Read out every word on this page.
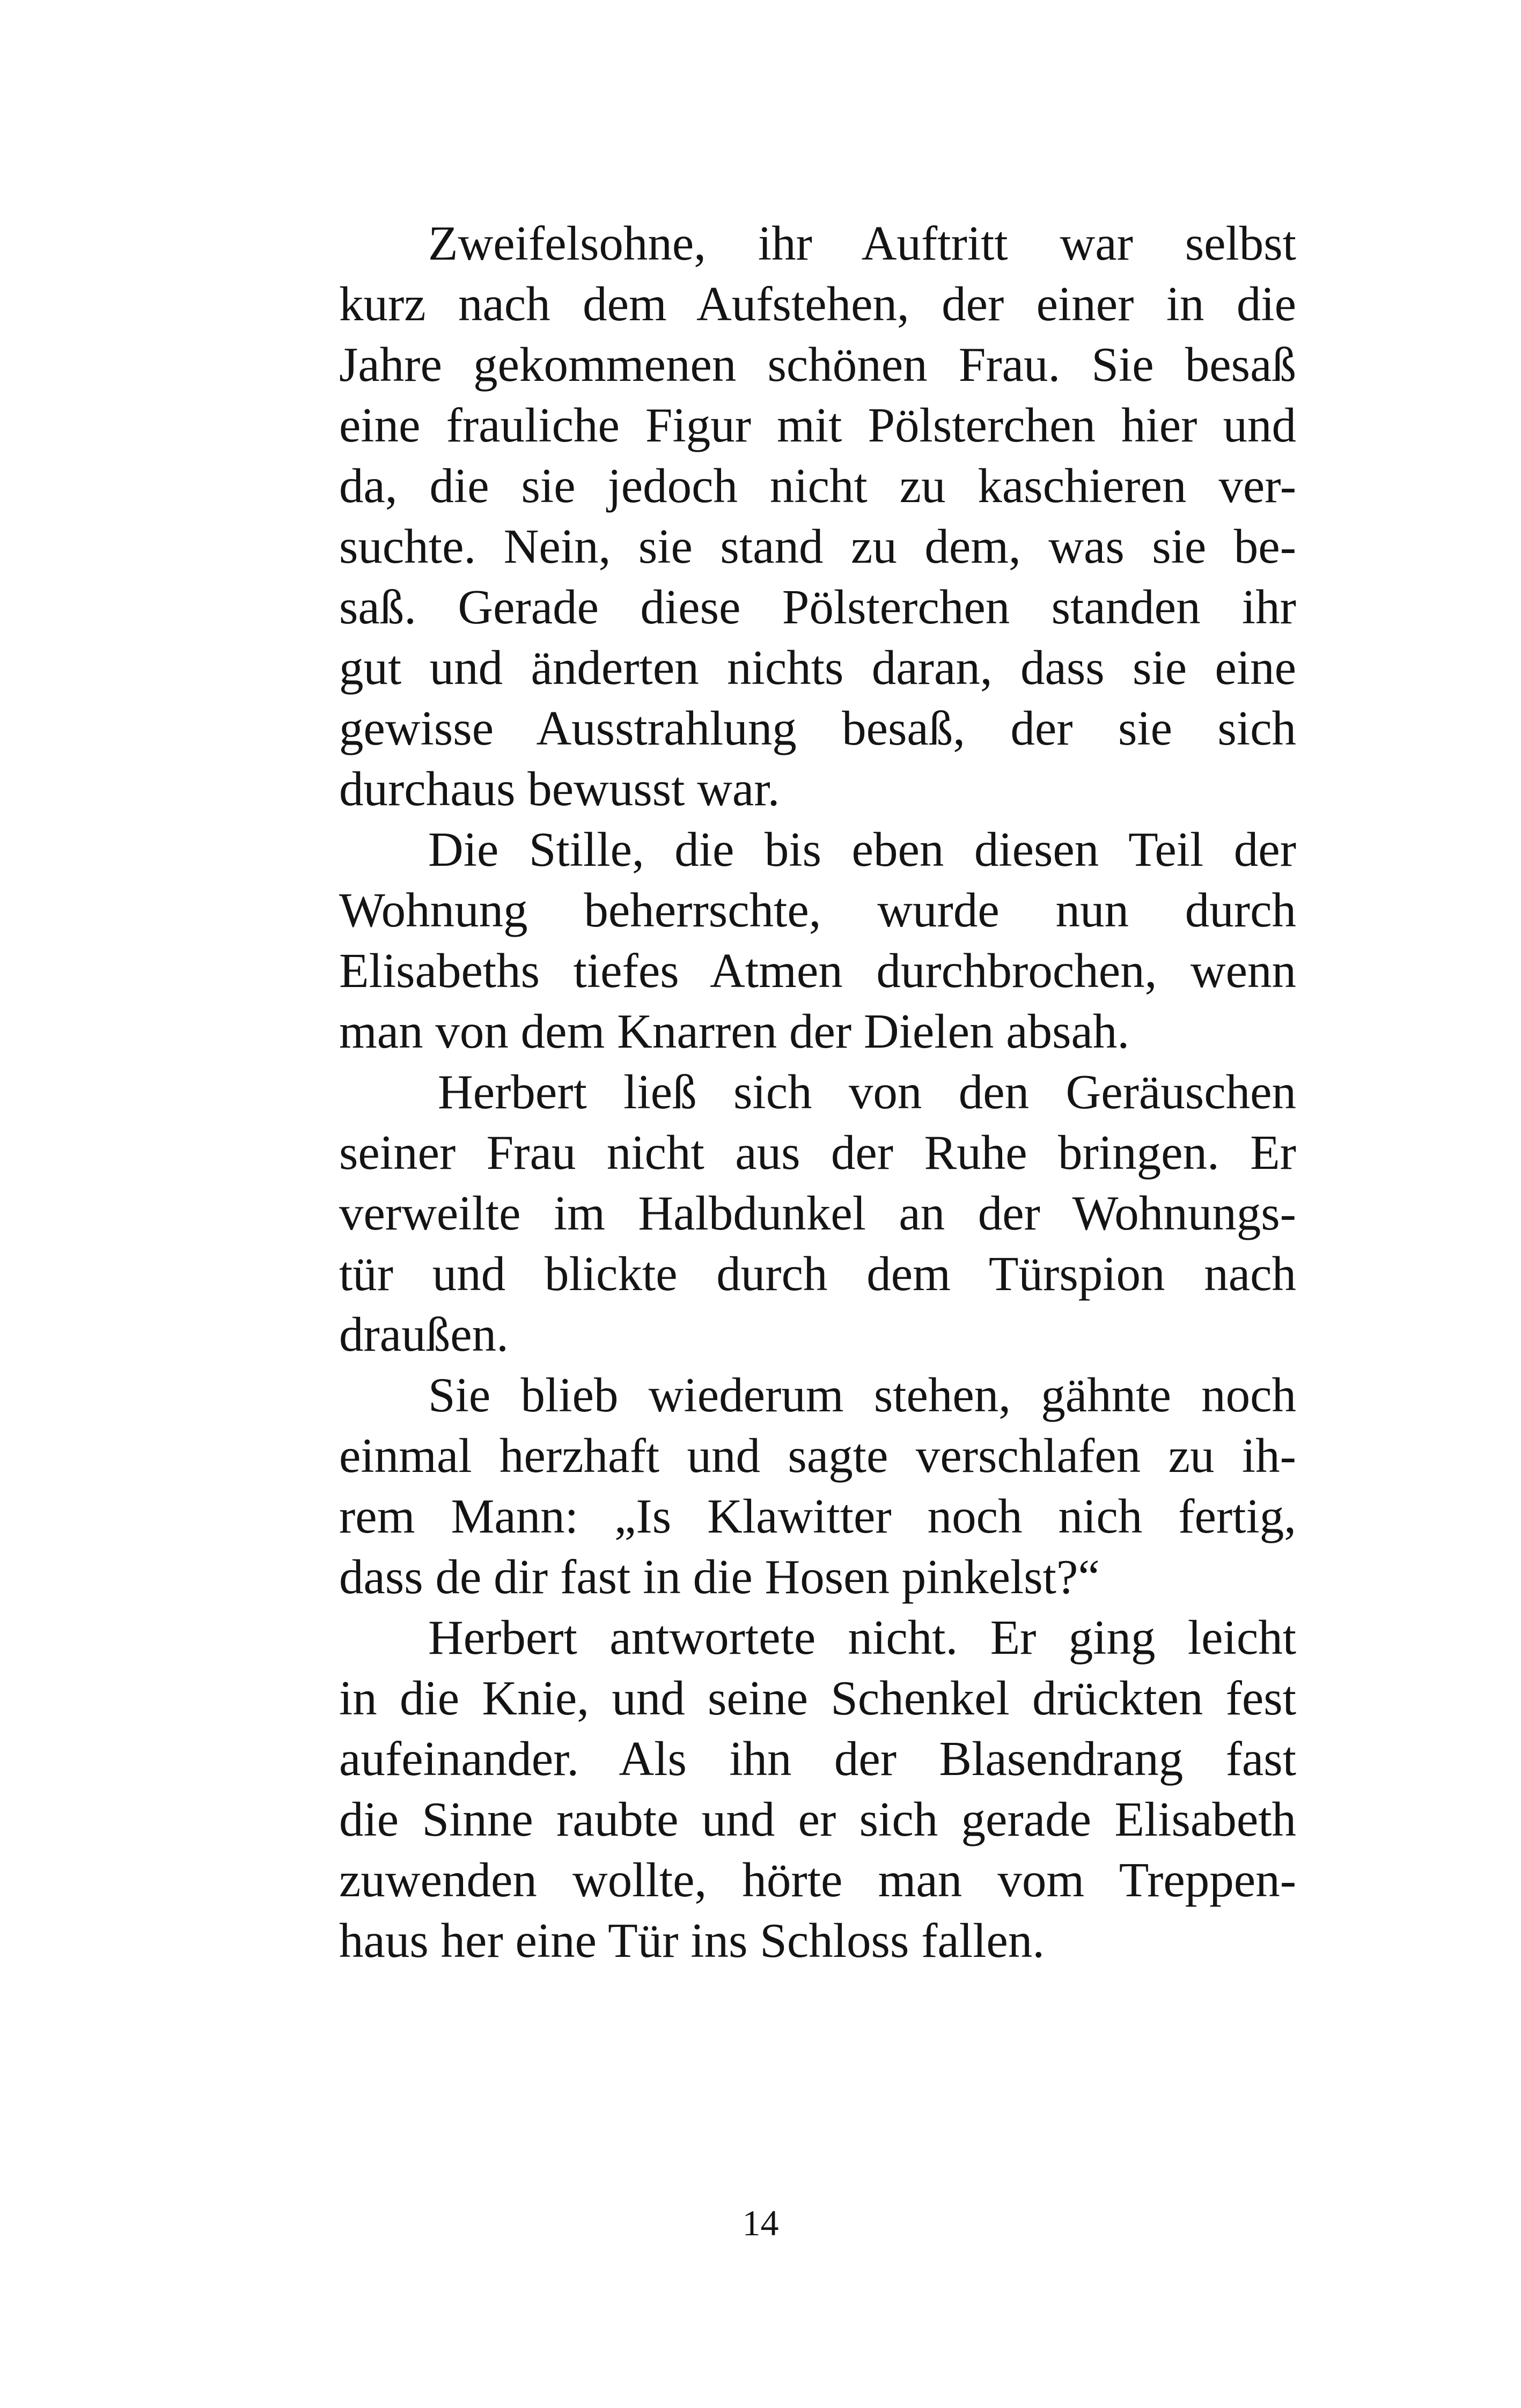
Zweifelsohne, ihr Auftritt war selbst
kurz nach dem Aufstehen, der einer in die
Jahre gekommenen schönen Frau. Sie besaß
eine frauliche Figur mit Pölsterchen hier und
da, die sie jedoch nicht zu kaschieren ver-
suchte. Nein, sie stand zu dem, was sie be-
saß. Gerade diese Pölsterchen standen ihr
gut und änderten nichts daran, dass sie eine
gewisse Ausstrahlung besaß, der sie sich
durchaus bewusst war.
Die Stille, die bis eben diesen Teil der
Wohnung beherrschte, wurde nun durch
Elisabeths tiefes Atmen durchbrochen, wenn
man von dem Knarren der Dielen absah.
Herbert ließ sich von den Geräuschen
seiner Frau nicht aus der Ruhe bringen. Er
verweilte im Halbdunkel an der Wohnungs-
tür und blickte durch dem Türspion nach
draußen.
Sie blieb wiederum stehen, gähnte noch
einmal herzhaft und sagte verschlafen zu ih-
rem Mann: „Is Klawitter noch nich fertig,
dass de dir fast in die Hosen pinkelst?“
Herbert antwortete nicht. Er ging leicht
in die Knie, und seine Schenkel drückten fest
aufeinander. Als ihn der Blasendrang fast
die Sinne raubte und er sich gerade Elisabeth
zuwenden wollte, hörte man vom Treppen-
haus her eine Tür ins Schloss fallen.
14
